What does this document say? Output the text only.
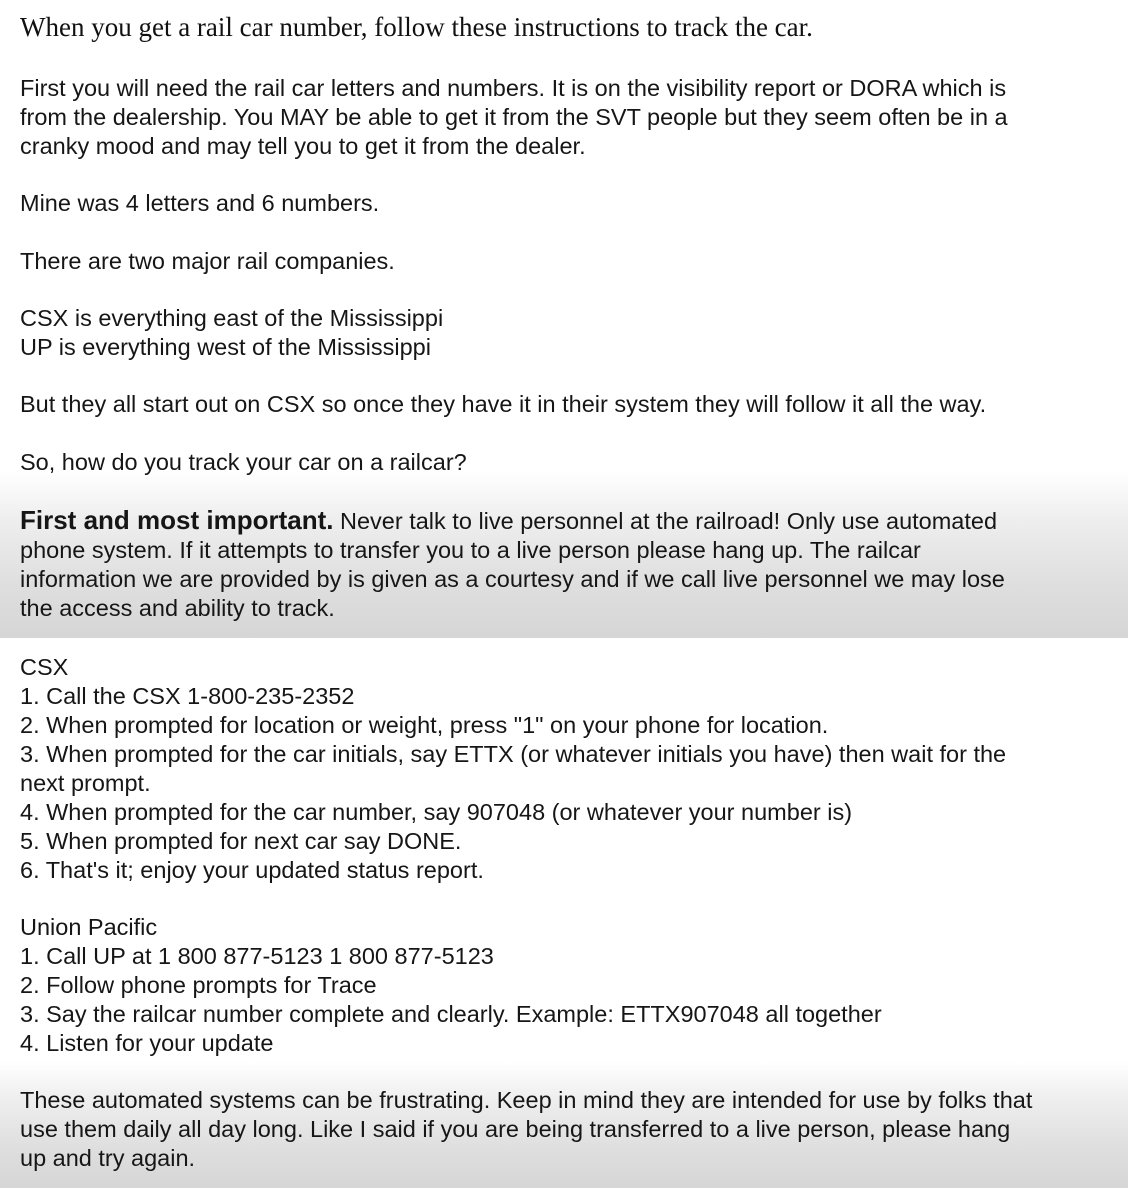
When you get a rail car number, follow these instructions to track the car.
First you will need the rail car letters and numbers. It is on the visibility report or DORA which is
from the dealership. You MAY be able to get it from the SVT people but they seem often be in a
cranky mood and may tell you to get it from the dealer.
Mine was 4 letters and 6 numbers.
There are two major rail companies.
CSX is everything east of the Mississippi
UP is everything west of the Mississippi
But they all start out on CSX so once they have it in their system they will follow it all the way.
So, how do you track your car on a railcar?
First and most important. Never talk to live personnel at the railroad! Only use automated
phone system. If it attempts to transfer you to a live person please hang up. The railcar
information we are provided by is given as a courtesy and if we call live personnel we may lose
the access and ability to track.
CSX
1. Call the CSX 1-800-235-2352
2. When prompted for location or weight, press "1" on your phone for location.
3. When prompted for the car initials, say ETTX (or whatever initials you have) then wait for the
next prompt.
4. When prompted for the car number, say 907048 (or whatever your number is)
5. When prompted for next car say DONE.
6. That's it; enjoy your updated status report.
Union Pacific
1. Call UP at 1 800 877-5123 1 800 877-5123
2. Follow phone prompts for Trace
3. Say the railcar number complete and clearly. Example: ETTX907048 all together
4. Listen for your update
These automated systems can be frustrating. Keep in mind they are intended for use by folks that
use them daily all day long. Like I said if you are being transferred to a live person, please hang
up and try again.
